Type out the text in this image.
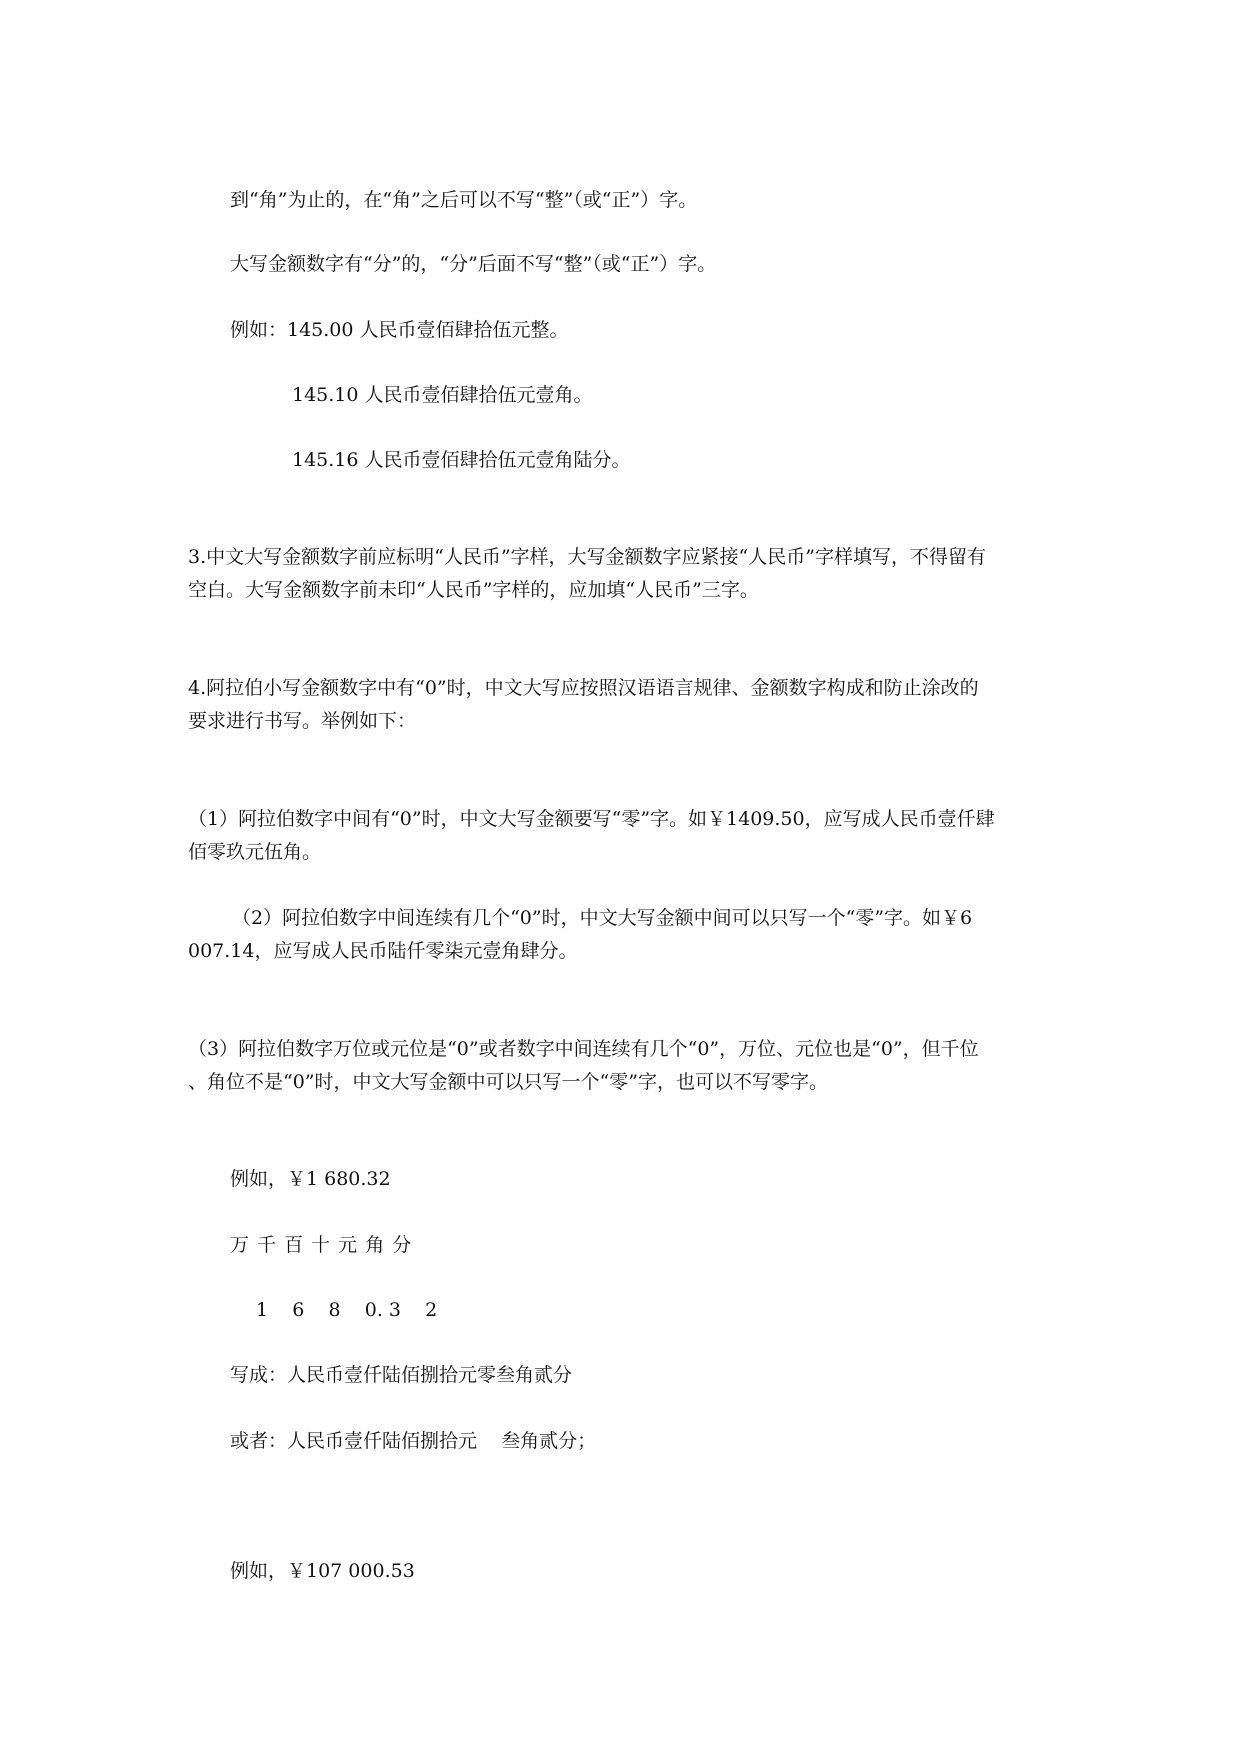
到“角”为止的，在“角”之后可以不写“整”（或“正”）字。

大写金额数字有“分”的，“分”后面不写“整”（或“正”）字。

例如：145.00 人民币壹佰肆拾伍元整。

145.10 人民币壹佰肆拾伍元壹角。

145.16 人民币壹佰肆拾伍元壹角陆分。

3.中文大写金额数字前应标明“人民币”字样，大写金额数字应紧接“人民币”字样填写，不得留有

空白。大写金额数字前未印“人民币”字样的，应加填“人民币”三字。

4.阿拉伯小写金额数字中有“0”时，中文大写应按照汉语语言规律、金额数字构成和防止涂改的

要求进行书写。举例如下：

（1）阿拉伯数字中间有“0”时，中文大写金额要写“零”字。如￥1409.50，应写成人民币壹仟肆

佰零玖元伍角。

（2）阿拉伯数字中间连续有几个“0”时，中文大写金额中间可以只写一个“零”字。如￥6

007.14，应写成人民币陆仟零柒元壹角肆分。

（3）阿拉伯数字万位或元位是“0”或者数字中间连续有几个“0”，万位、元位也是“0”，但千位

、角位不是“0”时，中文大写金额中可以只写一个“零”字，也可以不写零字。

例如，￥1 680.32

万 千 百 十 元 角 分

1    6    8    0. 3    2

写成：人民币壹仟陆佰捌拾元零叁角贰分

或者：人民币壹仟陆佰捌拾元    叁角贰分；

例如，￥107 000.53
